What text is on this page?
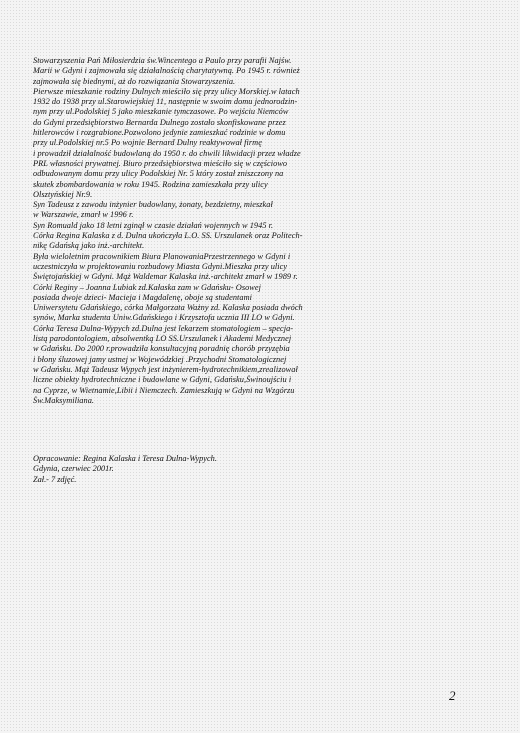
Stowarzyszenia Pań Miłosierdzia św.Wincentego a Paulo przy parafii Najśw.
Marii w Gdyni i zajmowała się działalnością charytatywną. Po 1945 r. również
zajmowała się biednymi, aż do rozwiązania Stowarzyszenia.
Pierwsze mieszkanie rodziny Dulnych mieściło się przy ulicy Morskiej.w latach
1932 do 1938 przy ul.Starowiejskiej 11, następnie w swoim domu jednorodzin-
nym przy ul.Podolskiej 5 jako mieszkanie tymczasowe. Po wejściu Niemców
do Gdyni przedsiębiorstwo Bernarda Dulnego zostało skonfiskowane przez
hitlerowców i rozgrabione.Pozwolono jedynie zamieszkać rodzinie w domu
przy ul.Podolskiej nr.5 Po wojnie Bernard Dulny reaktywował firmę
i prowadził działalność budowlaną do 1950 r. do chwili likwidacji przez władze
PRL własności prywatnej. Biuro przedsiębiorstwa mieściło się w częściowo
odbudowanym domu przy ulicy Podolskiej Nr. 5 który został zniszczony na
skutek zbombardowania w roku 1945. Rodzina zamieszkała przy ulicy
Olsztyńskiej Nr.9.
Syn Tadeusz z zawodu inżynier budowlany, żonaty, bezdzietny, mieszkał
w Warszawie, zmarł w 1996 r.
Syn Romuald jako 18 letni zginął w czasie działań wojennych w 1945 r.
Córka Regina Kalaska z d. Dulna ukończyła L.O. SS. Urszulanek oraz Politech-
nikę Gdańską jako inż.-architekt.
Była wieloletnim pracownikiem Biura PlanowaniaPrzestrzennego w Gdyni i
uczestniczyła w projektowaniu rozbudowy Miasta Gdyni.Mieszka przy ulicy
Świętojańskiej w Gdyni. Mąż Waldemar Kalaska inż.-architekt zmarł w 1989 r.
Córki Reginy – Joanna Lubiak zd.Kałaska zam w Gdańsku- Osowej
posiada dwoje dzieci- Macieja i Magdalenę, oboje są studentami
Uniwersytetu Gdańskiego, córka Małgorzata Ważny zd. Kalaska posiada dwóch
synów, Marka studenta Uniw.Gdańskiego i Krzysztofa ucznia III LO w Gdyni.
Córka Teresa Dulna-Wypych zd.Dulna jest lekarzem stomatologiem – specja-
listą parodontologiem, absolwentką LO SS.Urszulanek i Akademi Medycznej
w Gdańsku. Do 2000 r.prowadziła konsultacyjną poradnię chorób przyzębia
i błony śluzowej jamy ustnej w Wojewódzkiej .Przychodni Stomatologicznej
w Gdańsku. Mąż Tadeusz Wypych jest inżynierem-hydrotechnikiem,zrealizował
liczne obiekty hydrotechniczne i budowlane w Gdyni, Gdańsku,Świnoujściu i
na Cyprze, w Wietnamie,Libii i Niemczech. Zamieszkują w Gdyni na Wzgórzu
Św.Maksymiliana.
Opracowanie: Regina Kalaska i Teresa Dulna-Wypych.
Gdynia, czerwiec 2001r.
Zał.- 7 zdjęć.
2
